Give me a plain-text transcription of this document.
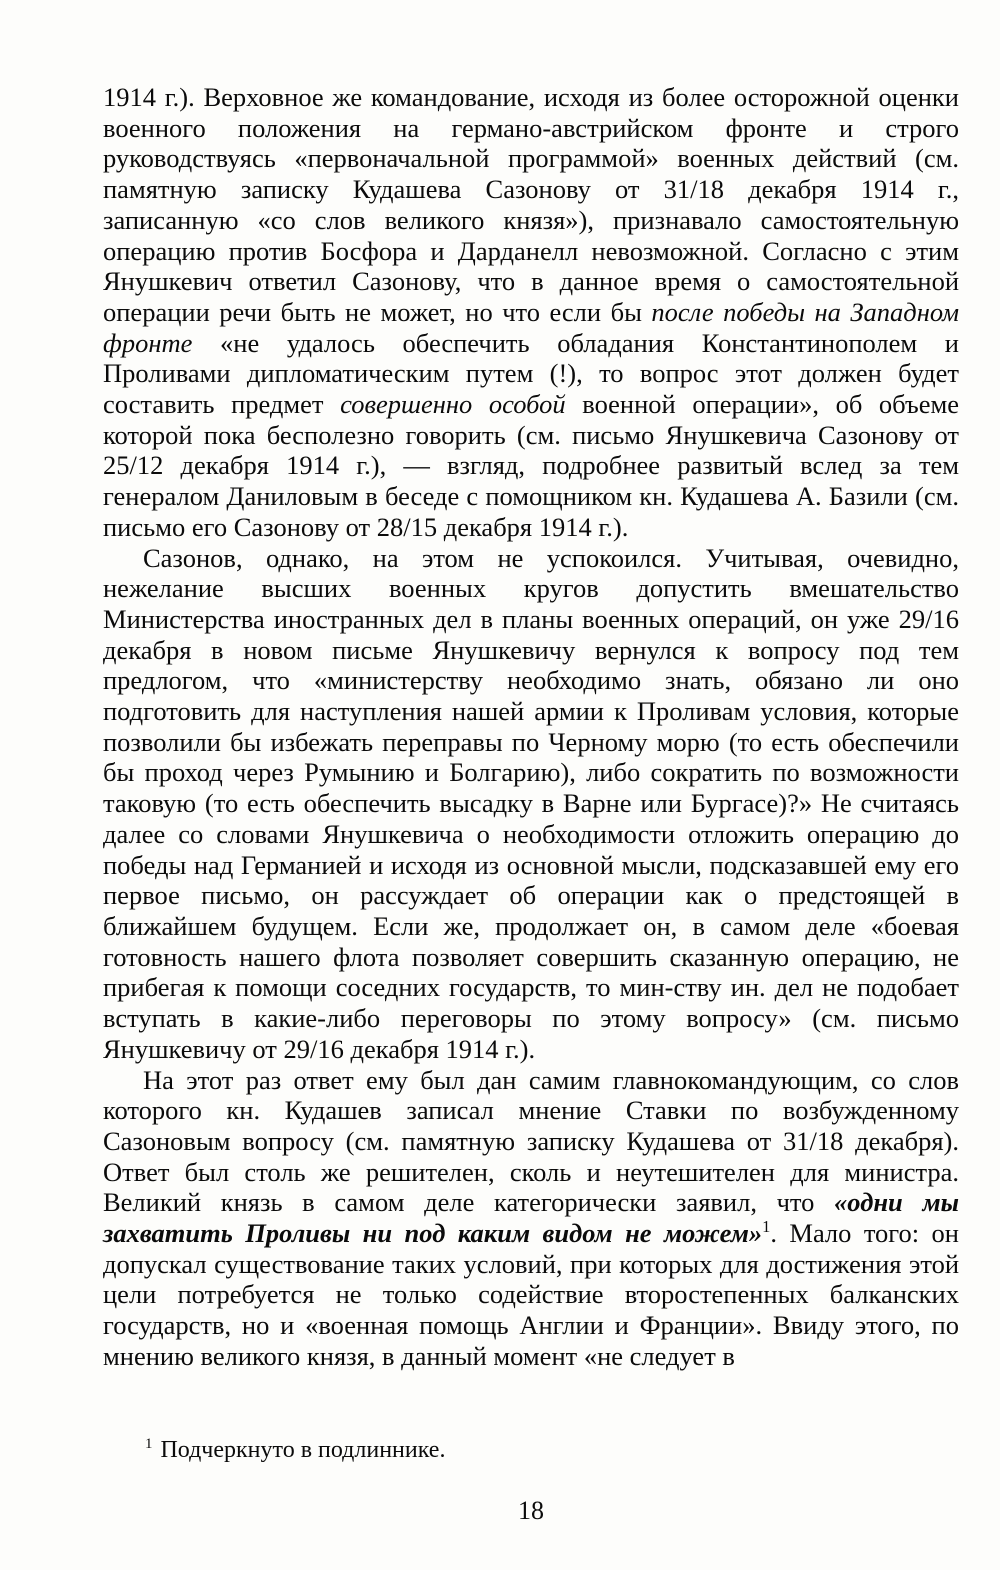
1914 г.). Верховное же командование, исходя из более осторожной оценки военного положения на германо-австрийском фронте и строго руководствуясь «первоначальной программой» военных действий (см. памятную записку Кудашева Сазонову от 31/18 декабря 1914 г., записанную «со слов великого князя»), признавало самостоятельную операцию против Босфора и Дарданелл невозможной. Согласно с этим Янушкевич ответил Сазонову, что в данное время о самостоятельной операции речи быть не может, но что если бы после победы на Западном фронте «не удалось обеспечить обладания Константинополем и Проливами дипломатическим путем (!), то вопрос этот должен будет составить предмет совершенно особой военной операции», об объеме которой пока бесполезно говорить (см. письмо Янушкевича Сазонову от 25/12 декабря 1914 г.), — взгляд, подробнее развитый вслед за тем генералом Даниловым в беседе с помощником кн. Кудашева А. Базили (см. письмо его Сазонову от 28/15 декабря 1914 г.).

Сазонов, однако, на этом не успокоился. Учитывая, очевидно, нежелание высших военных кругов допустить вмешательство Министерства иностранных дел в планы военных операций, он уже 29/16 декабря в новом письме Янушкевичу вернулся к вопросу под тем предлогом, что «министерству необходимо знать, обязано ли оно подготовить для наступления нашей армии к Проливам условия, которые позволили бы избежать переправы по Черному морю (то есть обеспечили бы проход через Румынию и Болгарию), либо сократить по возможности таковую (то есть обеспечить высадку в Варне или Бургасе)?» Не считаясь далее со словами Янушкевича о необходимости отложить операцию до победы над Германией и исходя из основной мысли, подсказавшей ему его первое письмо, он рассуждает об операции как о предстоящей в ближайшем будущем. Если же, продолжает он, в самом деле «боевая готовность нашего флота позволяет совершить сказанную операцию, не прибегая к помощи соседних государств, то мин-ству ин. дел не подобает вступать в какие-либо переговоры по этому вопросу» (см. письмо Янушкевичу от 29/16 декабря 1914 г.).

На этот раз ответ ему был дан самим главнокомандующим, со слов которого кн. Кудашев записал мнение Ставки по возбужденному Сазоновым вопросу (см. памятную записку Кудашева от 31/18 декабря). Ответ был столь же решителен, сколь и неутешителен для министра. Великий князь в самом деле категорически заявил, что «одни мы захватить Проливы ни под каким видом не можем»$^1$. Мало того: он допускал существование таких условий, при которых для достижения этой цели потребуется не только содействие второстепенных балканских государств, но и «военная помощь Англии и Франции». Ввиду этого, по мнению великого князя, в данный момент «не следует в

$^1$ Подчеркнуто в подлиннике.
18
